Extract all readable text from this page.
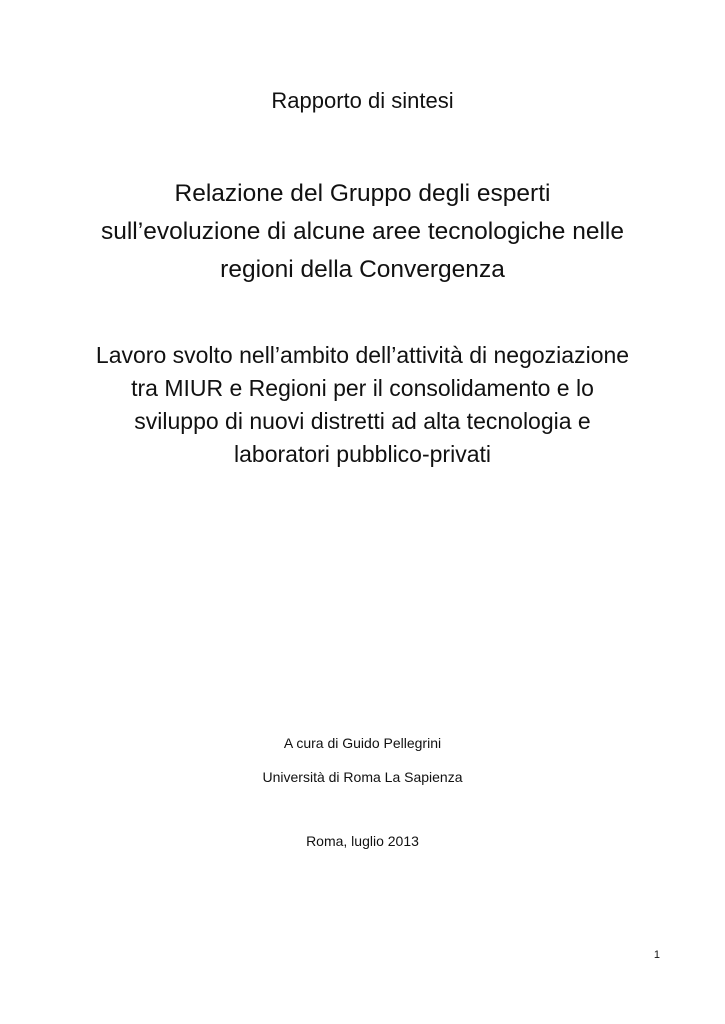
Rapporto di sintesi
Relazione del Gruppo degli esperti
sull’evoluzione di alcune aree tecnologiche nelle
regioni della Convergenza
Lavoro svolto nell’ambito dell’attività di negoziazione
tra MIUR e Regioni per il consolidamento e lo
sviluppo di nuovi distretti ad alta tecnologia e
laboratori pubblico-privati
A cura di Guido Pellegrini
Università di Roma La Sapienza
Roma, luglio 2013
1
